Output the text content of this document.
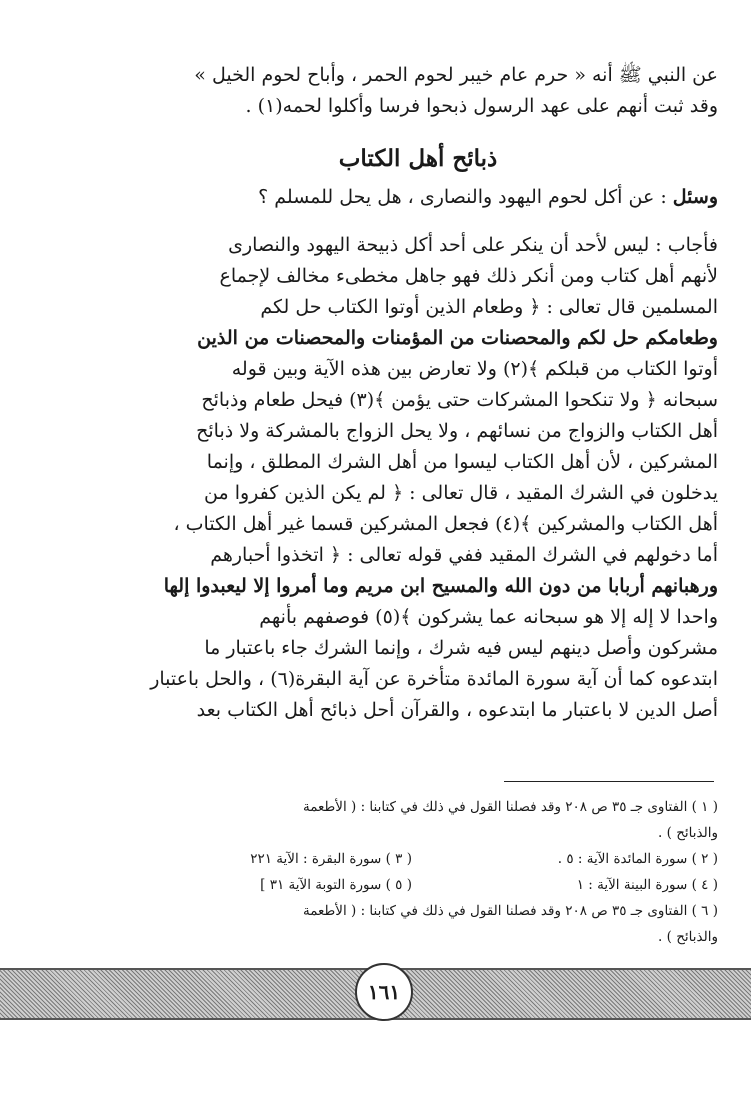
عن النبي ﷺ أنه « حرم عام خيبر لحوم الحمر ، وأباح لحوم الخيل »
وقد ثبت أنهم على عهد الرسول ذبحوا فرسا وأكلوا لحمه(١) .
ذبائح أهل الكتاب
وسئل : عن أكل لحوم اليهود والنصارى ، هل يحل للمسلم ؟
فأجاب : ليس لأحد أن ينكر على أحد أكل ذبيحة اليهود والنصارى
لأنهم أهل كتاب ومن أنكر ذلك فهو جاهل مخطىء مخالف لإجماع
المسلمين قال تعالى : ﴿ وطعام الذين أوتوا الكتاب حل لكم
وطعامكم حل لكم والمحصنات من المؤمنات والمحصنات من الذين
أوتوا الكتاب من قبلكم ﴾(٢) ولا تعارض بين هذه الآية وبين قوله
سبحانه ﴿ ولا تنكحوا المشركات حتى يؤمن ﴾(٣) فيحل طعام وذبائح
أهل الكتاب والزواج من نسائهم ، ولا يحل الزواج بالمشركة ولا ذبائح
المشركين ، لأن أهل الكتاب ليسوا من أهل الشرك المطلق ، وإنما
يدخلون في الشرك المقيد ، قال تعالى : ﴿ لم يكن الذين كفروا من
أهل الكتاب والمشركين ﴾(٤) فجعل المشركين قسما غير أهل الكتاب ،
أما دخولهم في الشرك المقيد ففي قوله تعالى : ﴿ اتخذوا أحبارهم
ورهبانهم أربابا من دون الله والمسيح ابن مريم وما أمروا إلا ليعبدوا إلها
واحدا لا إله إلا هو سبحانه عما يشركون ﴾(٥) فوصفهم بأنهم
مشركون وأصل دينهم ليس فيه شرك ، وإنما الشرك جاء باعتبار ما
ابتدعوه كما أن آية سورة المائدة متأخرة عن آية البقرة(٦) ، والحل باعتبار
أصل الدين لا باعتبار ما ابتدعوه ، والقرآن أحل ذبائح أهل الكتاب بعد
( ١ ) الفتاوى جـ ٣٥ ص ٢٠٨ وقد فصلنا القول في ذلك في كتابنا : ( الأطعمة
والذبائح ) .
( ٢ ) سورة المائدة الآية : ٥ .
( ٣ ) سورة البقرة : الآية ٢٢١
( ٤ ) سورة البينة الآية : ١
( ٥ ) سورة التوبة الآية ٣١ ]
( ٦ ) الفتاوى جـ ٣٥ ص ٢٠٨ وقد فصلنا القول في ذلك في كتابنا : ( الأطعمة
والذبائح ) .
١٦١
